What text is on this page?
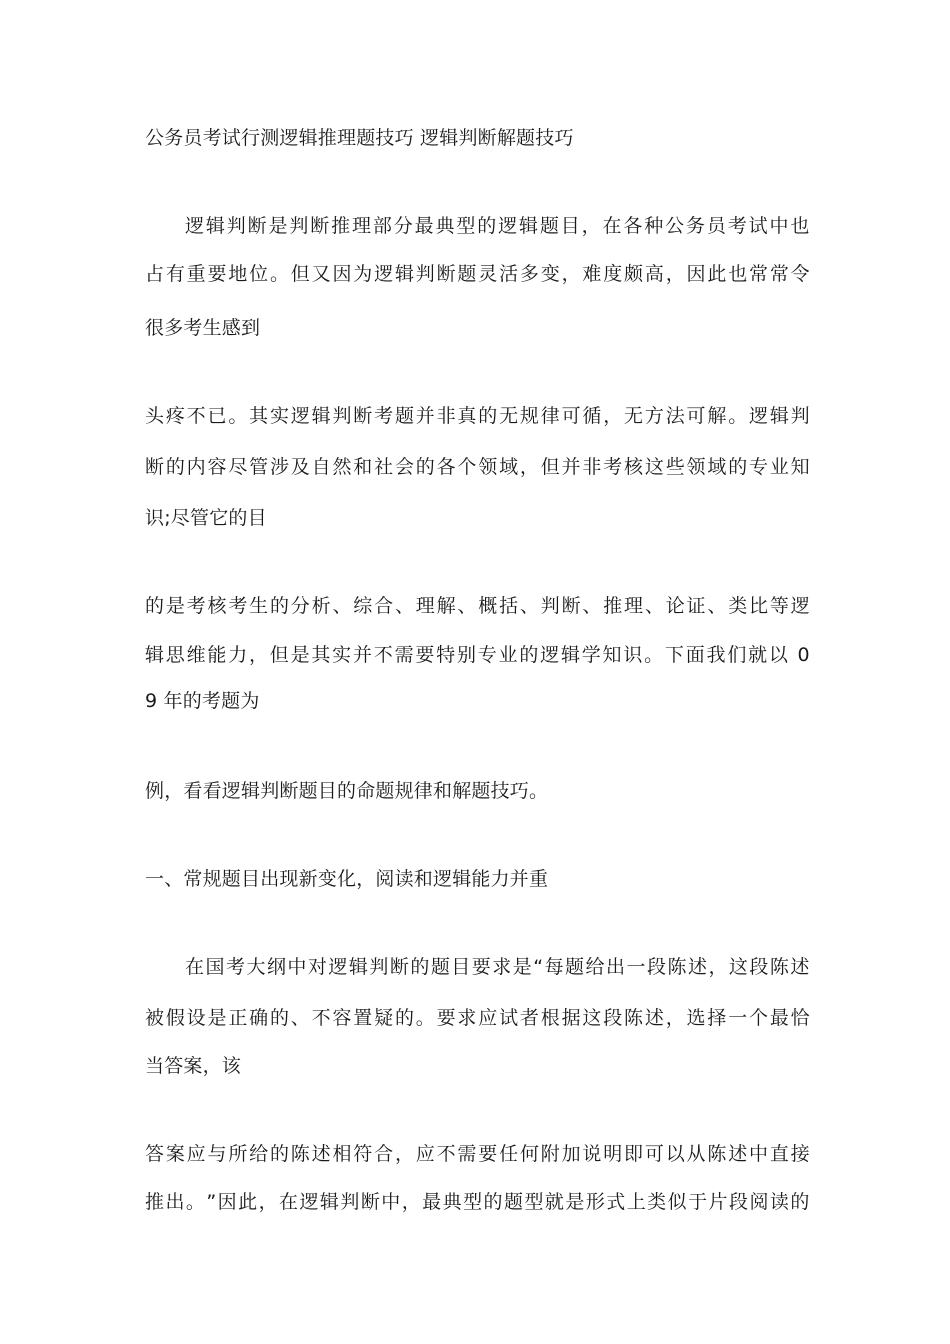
公务员考试行测逻辑推理题技巧 逻辑判断解题技巧
逻 辑 判 断 是 判 断 推 理 部 分 最 典 型 的 逻 辑 题 目 ， 在 各 种 公 务 员 考 试 中 也
占 有 重 要 地 位 。 但 又 因 为 逻 辑 判 断 题 灵 活 多 变 ， 难 度 颇 高 ， 因 此 也 常 常 令
很多考生感到
头 疼 不 已 。 其 实 逻 辑 判 断 考 题 并 非 真 的 无 规 律 可 循 ， 无 方 法 可 解 。 逻 辑 判
断 的 内 容 尽 管 涉 及 自 然 和 社 会 的 各 个 领 域 ， 但 并 非 考 核 这 些 领 域 的 专 业 知
识;尽管它的目
的 是 考 核 考 生 的 分 析 、 综 合 、 理 解 、 概 括 、 判 断 、 推 理 、 论 证 、 类 比 等 逻
辑 思 维 能 力 ， 但 是 其 实 并 不 需 要 特 别 专 业 的 逻 辑 学 知 识 。 下 面 我 们 就 以
0
9 年的考题为
例，看看逻辑判断题目的命题规律和解题技巧。
一、常规题目出现新变化，阅读和逻辑能力并重
在 国 考 大 纲 中 对 逻 辑 判 断 的 题 目 要 求 是 “ 每 题 给 出 一 段 陈 述 ， 这 段 陈 述
被 假 设 是 正 确 的 、 不 容 置 疑 的 。 要 求 应 试 者 根 据 这 段 陈 述 ， 选 择 一 个 最 恰
当答案，该
答 案 应 与 所 给 的 陈 述 相 符 合 ， 应 不 需 要 任 何 附 加 说 明 即 可 以 从 陈 述 中 直 接
推 出 。 ” 因 此 ， 在 逻 辑 判 断 中 ， 最 典 型 的 题 型 就 是 形 式 上 类 似 于 片 段 阅 读 的
